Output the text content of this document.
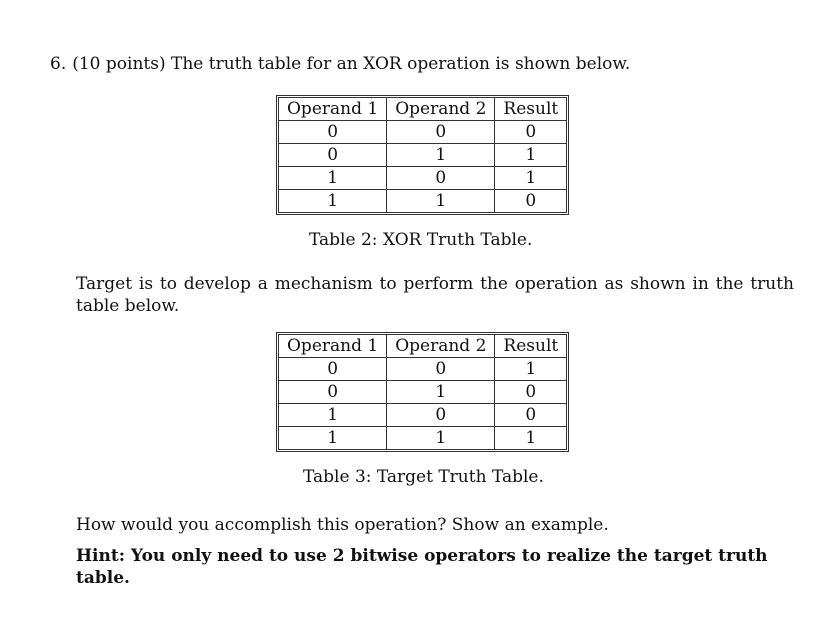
6. (10 points) The truth table for an XOR operation is shown below.
Operand 1	Operand 2	Result
0	0	0
0	1	1
1	0	1
1	1	0
Table 2: XOR Truth Table.
Target is to develop a mechanism to perform the operation as shown in the truth table below.
Operand 1	Operand 2	Result
0	0	1
0	1	0
1	0	0
1	1	1
Table 3: Target Truth Table.
How would you accomplish this operation? Show an example.
Hint: You only need to use 2 bitwise operators to realize the target truth table.
